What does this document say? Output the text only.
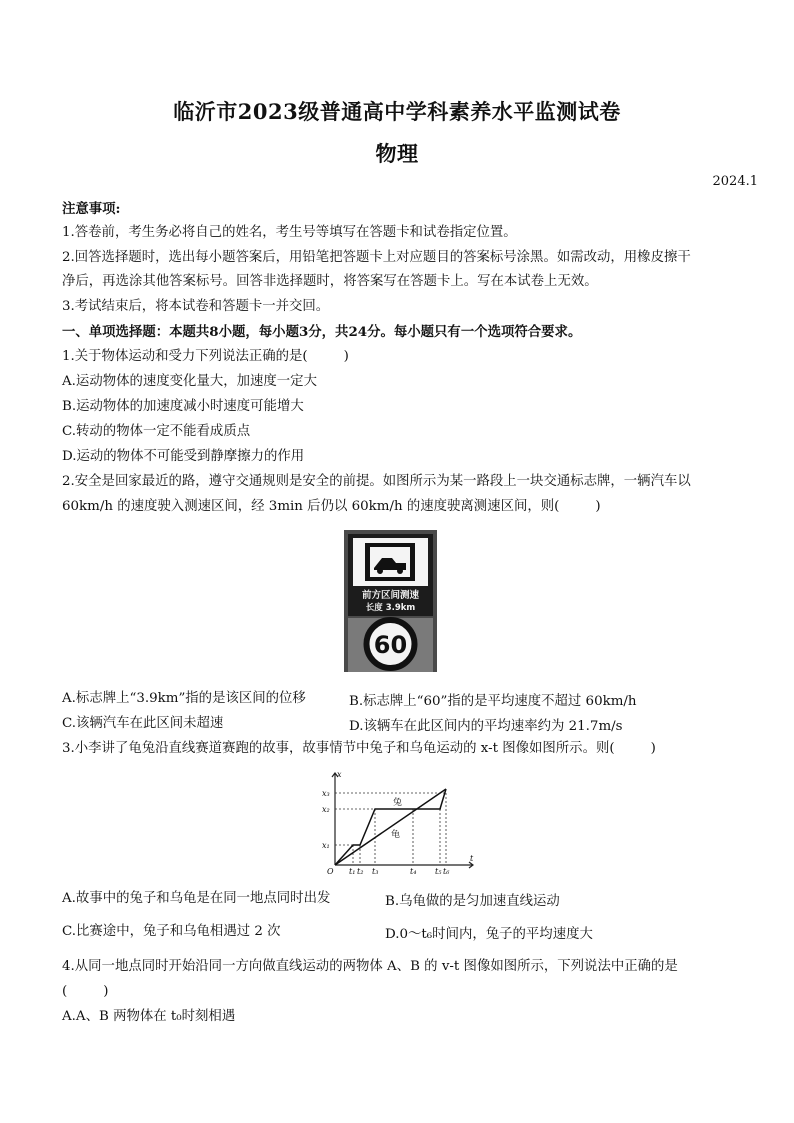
临沂市2023级普通高中学科素养水平监测试卷
物理
2024.1
注意事项:
1.答卷前，考生务必将自己的姓名，考生号等填写在答题卡和试卷指定位置。
2.回答选择题时，选出每小题答案后，用铅笔把答题卡上对应题目的答案标号涂黑。如需改动，用橡皮擦干
净后，再选涂其他答案标号。回答非选择题时，将答案写在答题卡上。写在本试卷上无效。
3.考试结束后，将本试卷和答题卡一并交回。
一、单项选择题：本题共8小题，每小题3分，共24分。每小题只有一个选项符合要求。
1.关于物体运动和受力下列说法正确的是(	)
A.运动物体的速度变化量大，加速度一定大
B.运动物体的加速度减小时速度可能增大
C.转动的物体一定不能看成质点
D.运动的物体不可能受到静摩擦力的作用
2.安全是回家最近的路，遵守交通规则是安全的前提。如图所示为某一路段上一块交通标志牌，一辆汽车以
60km/h 的速度驶入测速区间，经 3min 后仍以 60km/h 的速度驶离测速区间，则(	)
前方区间测速
长度 3.9km
60
A.标志牌上“3.9km”指的是该区间的位移	B.标志牌上“60”指的是平均速度不超过 60km/h
C.该辆汽车在此区间未超速	D.该辆车在此区间内的平均速率约为 21.7m/s
3.小李讲了龟兔沿直线赛道赛跑的故事，故事情节中兔子和乌龟运动的 x-t 图像如图所示。则(	)
x
t
O
x₃
x₂
x₁
t₁ t₂ t₃	t₄ t₅ t₆
兔
龟
A.故事中的兔子和乌龟是在同一地点同时出发	B.乌龟做的是匀加速直线运动
C.比赛途中，兔子和乌龟相遇过 2 次	D.0～t₆时间内，兔子的平均速度大
4.从同一地点同时开始沿同一方向做直线运动的两物体 A、B 的 v-t 图像如图所示，下列说法中正确的是
(	)
A.A、B 两物体在 t₀时刻相遇
